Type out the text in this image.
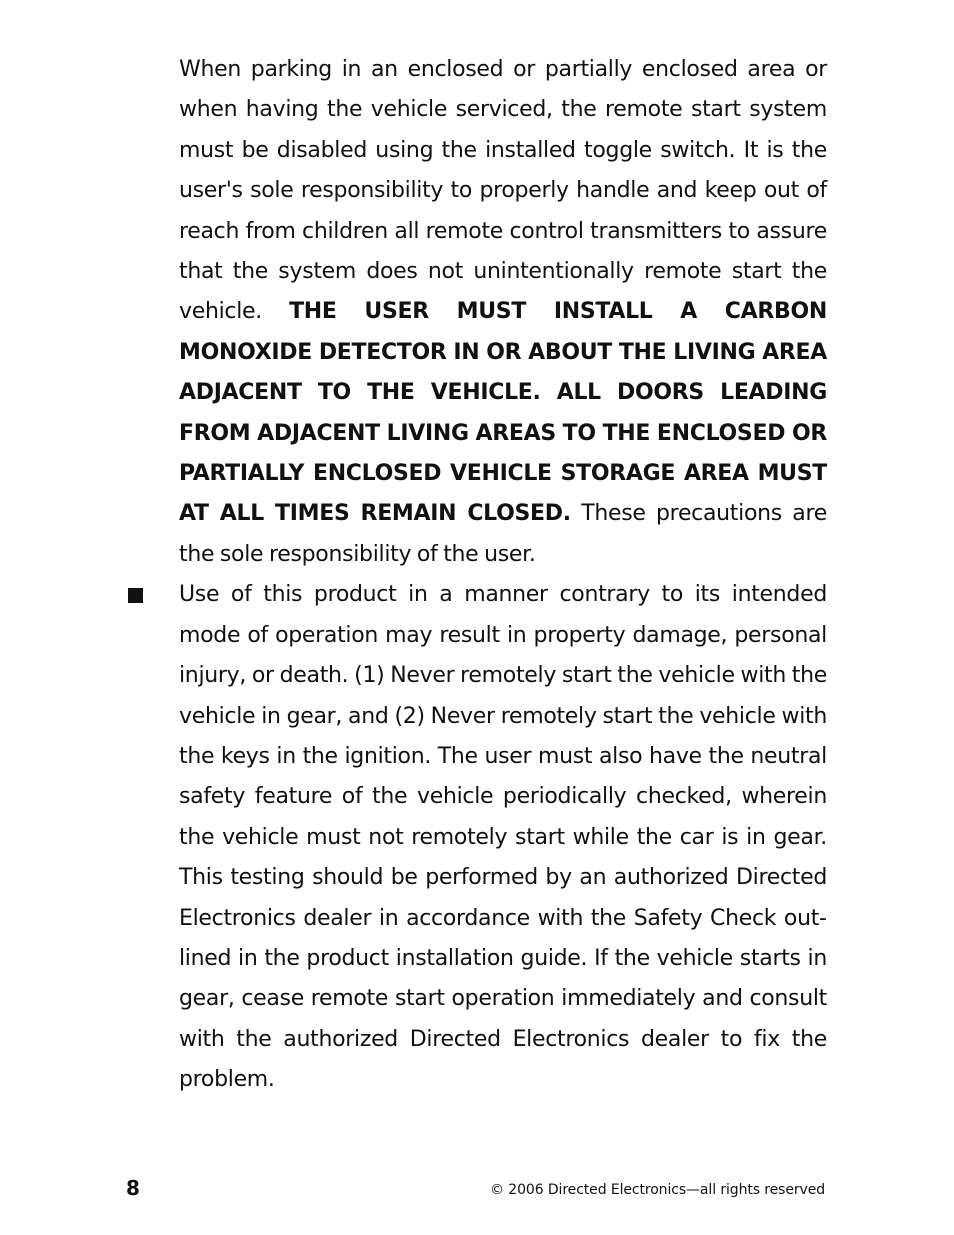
When parking in an enclosed or partially enclosed area or when having the vehicle serviced, the remote start system must be disabled using the installed toggle switch. It is the user's sole responsibility to properly handle and keep out of reach from children all remote control transmitters to assure that the system does not unintentionally remote start the vehicle. THE USER MUST INSTALL A CARBON MONOXIDE DETECTOR IN OR ABOUT THE LIVING AREA ADJACENT TO THE VEHICLE. ALL DOORS LEADING FROM ADJACENT LIVING AREAS TO THE ENCLOSED OR PARTIALLY ENCLOSED VEHICLE STORAGE AREA MUST AT ALL TIMES REMAIN CLOSED. These precautions are the sole responsibility of the user.

Use of this product in a manner contrary to its intended mode of operation may result in property damage, personal injury, or death. (1) Never remotely start the vehicle with the vehicle in gear, and (2) Never remotely start the vehicle with the keys in the ignition. The user must also have the neutral safety feature of the vehicle periodically checked, wherein the vehicle must not remotely start while the car is in gear. This testing should be performed by an authorized Directed Electronics dealer in accordance with the Safety Check outlined in the product installation guide. If the vehicle starts in gear, cease remote start operation immediately and consult with the authorized Directed Electronics dealer to fix the problem.

8	© 2006 Directed Electronics—all rights reserved
